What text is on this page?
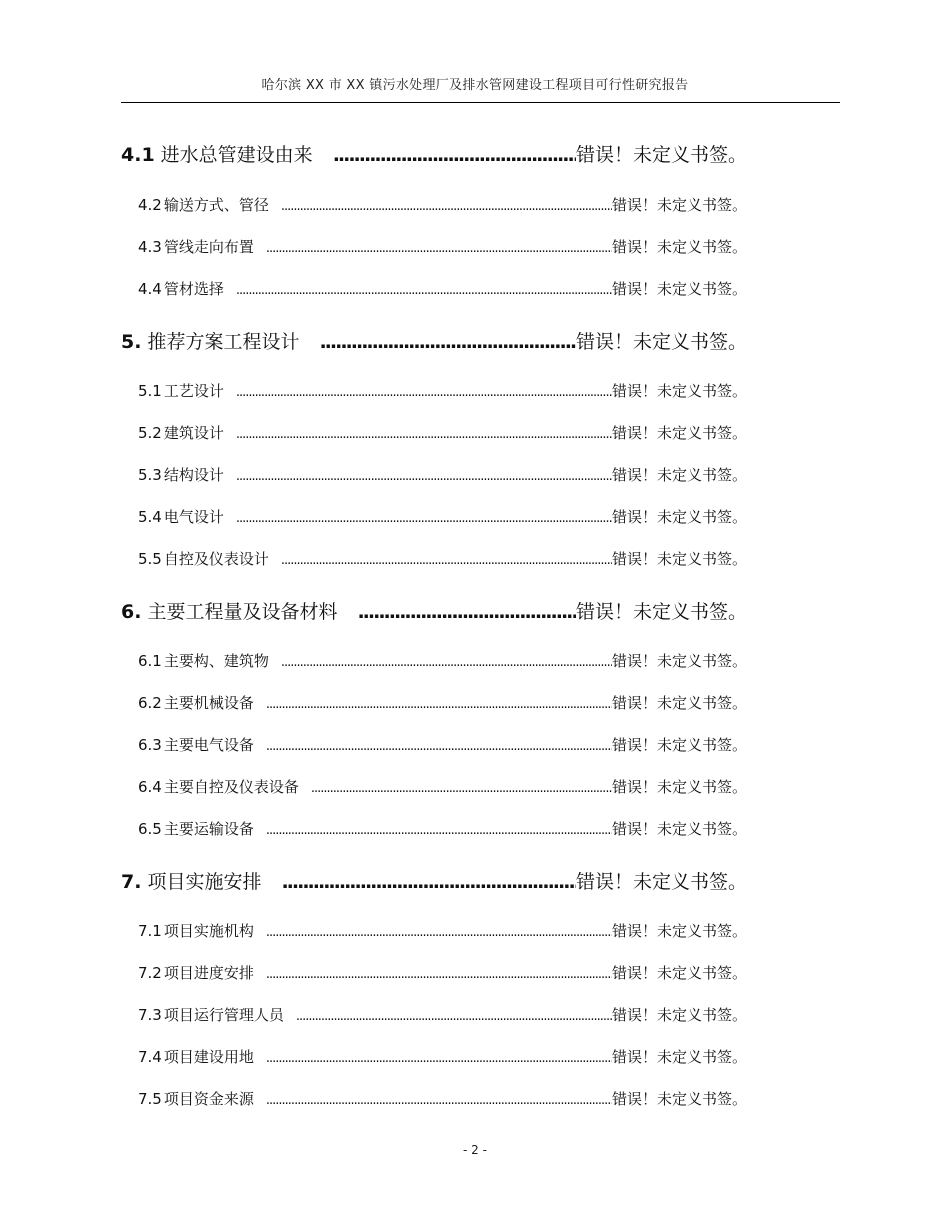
哈尔滨 XX 市 XX 镇污水处理厂及排水管网建设工程项目可行性研究报告
4.1 进水总管建设由来 .....	错误！未定义书签。
4.2 输送方式、管径 .....	错误！未定义书签。
4.3 管线走向布置 .....	错误！未定义书签。
4.4 管材选择 .....	错误！未定义书签。
5. 推荐方案工程设计 .....	错误！未定义书签。
5.1 工艺设计 .....	错误！未定义书签。
5.2 建筑设计 .....	错误！未定义书签。
5.3 结构设计 .....	错误！未定义书签。
5.4 电气设计 .....	错误！未定义书签。
5.5 自控及仪表设计 .....	错误！未定义书签。
6. 主要工程量及设备材料 .....	错误！未定义书签。
6.1 主要构、建筑物 .....	错误！未定义书签。
6.2 主要机械设备 .....	错误！未定义书签。
6.3 主要电气设备 .....	错误！未定义书签。
6.4 主要自控及仪表设备 .....	错误！未定义书签。
6.5 主要运输设备 .....	错误！未定义书签。
7. 项目实施安排 .....	错误！未定义书签。
7.1 项目实施机构 .....	错误！未定义书签。
7.2 项目进度安排 .....	错误！未定义书签。
7.3 项目运行管理人员 .....	错误！未定义书签。
7.4 项目建设用地 .....	错误！未定义书签。
7.5 项目资金来源 .....	错误！未定义书签。
- 2 -
